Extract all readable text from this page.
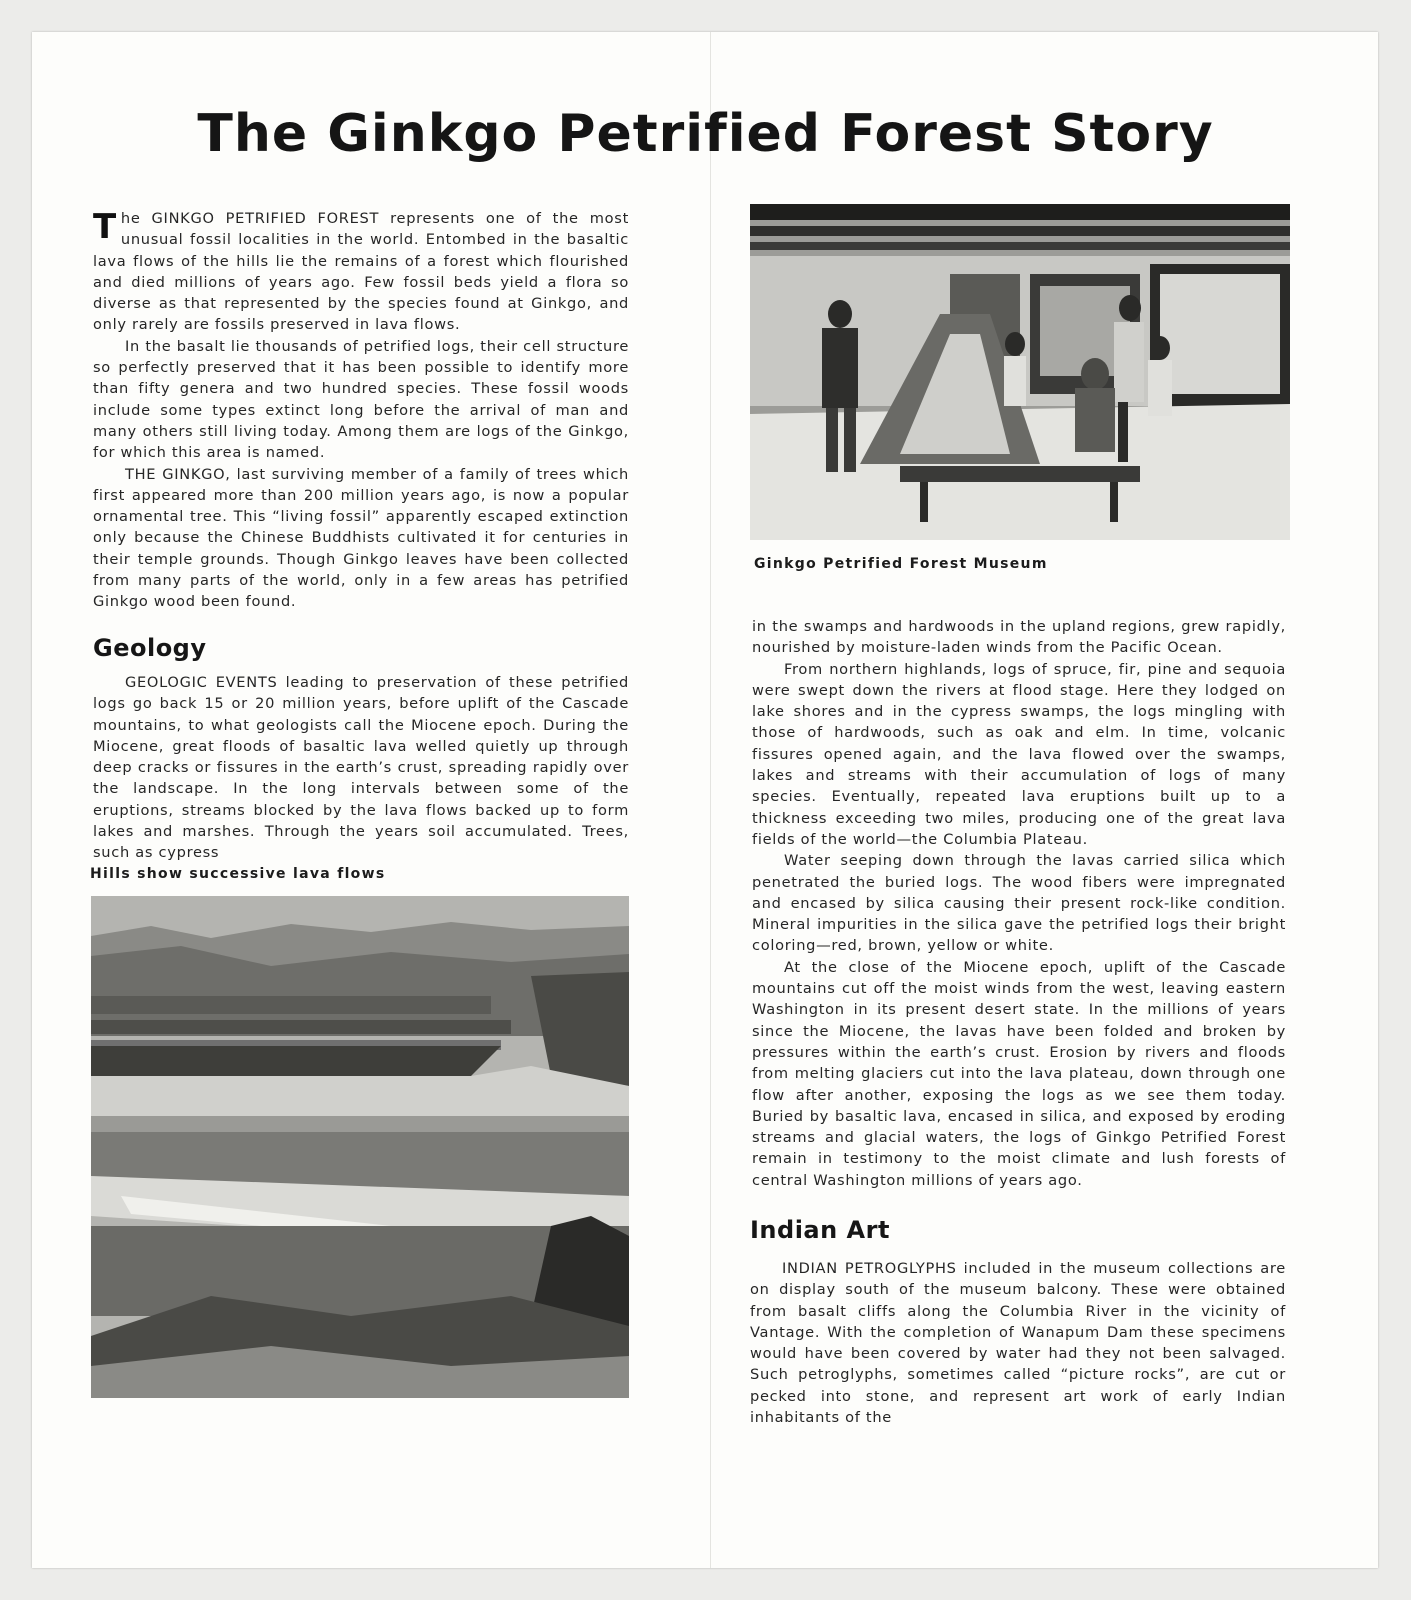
The Ginkgo Petrified Forest Story

The GINKGO PETRIFIED FOREST represents one of the most unusual fossil localities in the world. Entombed in the basaltic lava flows of the hills lie the remains of a forest which flourished and died millions of years ago. Few fossil beds yield a flora so diverse as that represented by the species found at Ginkgo, and only rarely are fossils preserved in lava flows.

In the basalt lie thousands of petrified logs, their cell structure so perfectly preserved that it has been possible to identify more than fifty genera and two hundred species. These fossil woods include some types extinct long before the arrival of man and many others still living today. Among them are logs of the Ginkgo, for which this area is named.

THE GINKGO, last surviving member of a family of trees which first appeared more than 200 million years ago, is now a popular ornamental tree. This “living fossil” apparently escaped extinction only because the Chinese Buddhists cultivated it for centuries in their temple grounds. Though Ginkgo leaves have been collected from many parts of the world, only in a few areas has petrified Ginkgo wood been found.

Geology

GEOLOGIC EVENTS leading to preservation of these petrified logs go back 15 or 20 million years, before uplift of the Cascade mountains, to what geologists call the Miocene epoch. During the Miocene, great floods of basaltic lava welled quietly up through deep cracks or fissures in the earth’s crust, spreading rapidly over the landscape. In the long intervals between some of the eruptions, streams blocked by the lava flows backed up to form lakes and marshes. Through the years soil accumulated. Trees, such as cypress

Hills show successive lava flows
Ginkgo Petrified Forest Museum

in the swamps and hardwoods in the upland regions, grew rapidly, nourished by moisture-laden winds from the Pacific Ocean.

From northern highlands, logs of spruce, fir, pine and sequoia were swept down the rivers at flood stage. Here they lodged on lake shores and in the cypress swamps, the logs mingling with those of hardwoods, such as oak and elm. In time, volcanic fissures opened again, and the lava flowed over the swamps, lakes and streams with their accumulation of logs of many species. Eventually, repeated lava eruptions built up to a thickness exceeding two miles, producing one of the great lava fields of the world—the Columbia Plateau.

Water seeping down through the lavas carried silica which penetrated the buried logs. The wood fibers were impregnated and encased by silica causing their present rock-like condition. Mineral impurities in the silica gave the petrified logs their bright coloring—red, brown, yellow or white.

At the close of the Miocene epoch, uplift of the Cascade mountains cut off the moist winds from the west, leaving eastern Washington in its present desert state. In the millions of years since the Miocene, the lavas have been folded and broken by pressures within the earth’s crust. Erosion by rivers and floods from melting glaciers cut into the lava plateau, down through one flow after another, exposing the logs as we see them today. Buried by basaltic lava, encased in silica, and exposed by eroding streams and glacial waters, the logs of Ginkgo Petrified Forest remain in testimony to the moist climate and lush forests of central Washington millions of years ago.

Indian Art

INDIAN PETROGLYPHS included in the museum collections are on display south of the museum balcony. These were obtained from basalt cliffs along the Columbia River in the vicinity of Vantage. With the completion of Wanapum Dam these specimens would have been covered by water had they not been salvaged. Such petroglyphs, sometimes called “picture rocks”, are cut or pecked into stone, and represent art work of early Indian inhabitants of the
